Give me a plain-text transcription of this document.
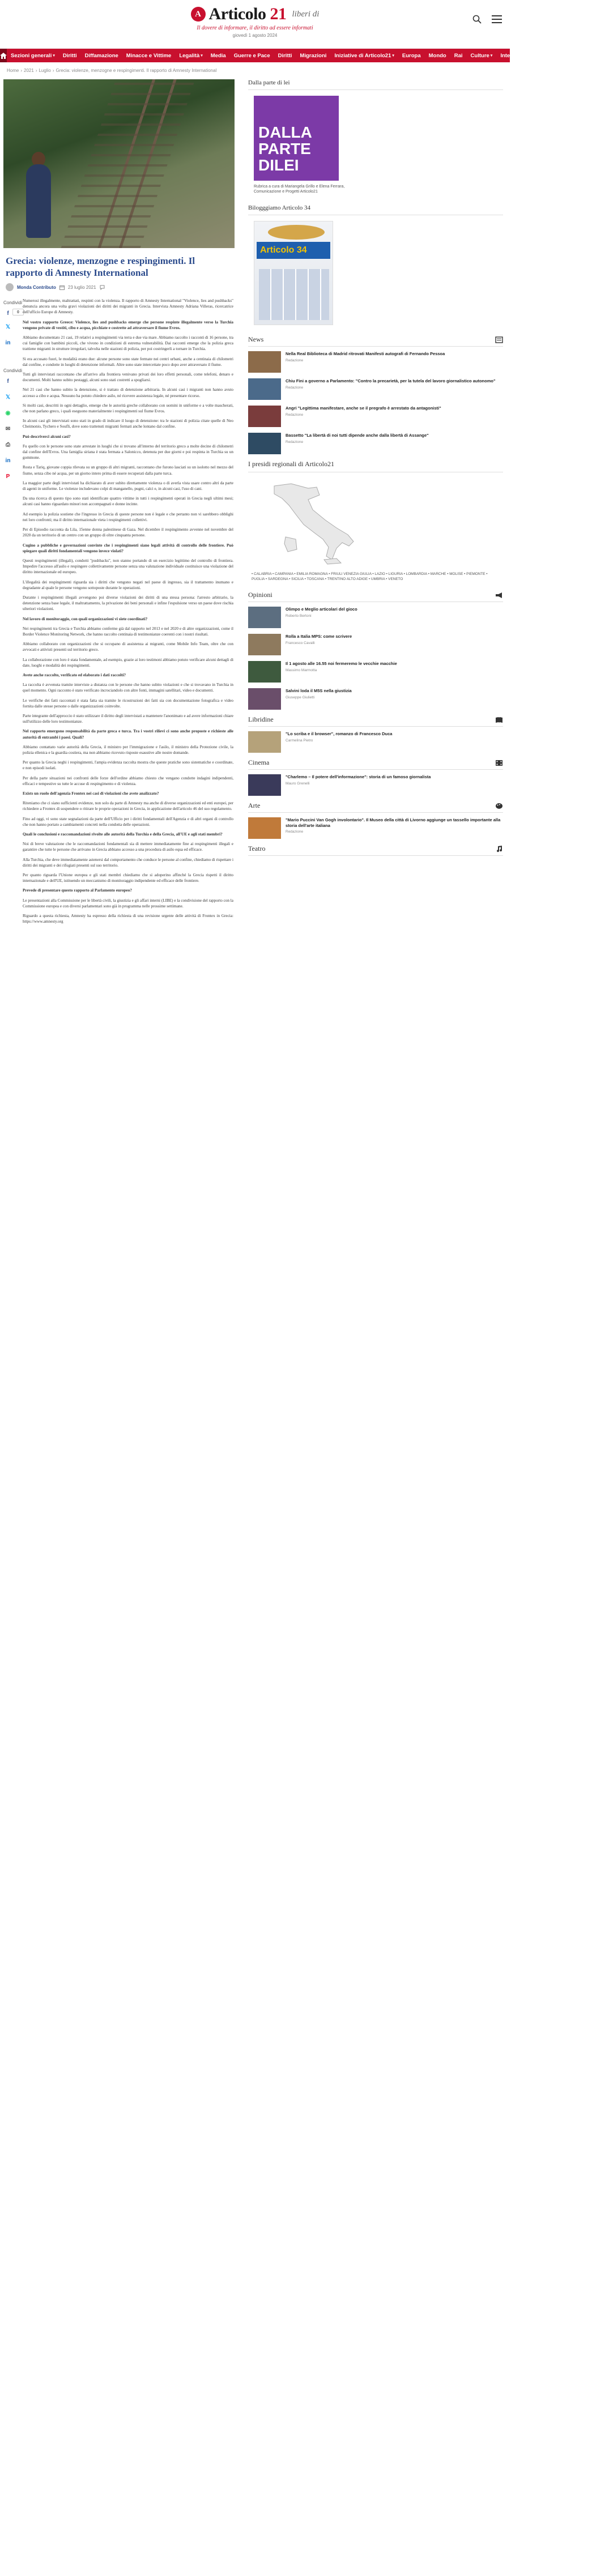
A Articolo 21 liberi di
Il dovere di informare, il diritto ad essere informati
giovedì 1 agosto 2024
Sezioni generali ▾ Diritti Diffamazione Minacce e Vittime Legalità ▾ Media Guerre e Pace Diritti Migrazioni Iniziative di Articolo21 ▾ Europa Mondo Rai Culture ▾ Interviste Video Twitter Facebook
Home › 2021 › Luglio › Grecia: violenze, menzogne e respingimenti. Il rapporto di Amnesty International
Grecia: violenze, menzogne e respingimenti. Il rapporto di Amnesty International
Monda Contributo	23 luglio 2021
Condividi
f	0
𝕏
in
Condividi
f
𝕏
◉
✉
⎙
in
P

Numerosi illegalmente, maltrattati, respinti con la violenza. Il rapporto di Amnesty International "Violence, lies and pushbacks" denuncia ancora una volta gravi violazioni dei diritti dei migranti in Grecia. Intervista Amnesty Adriana Villeras, ricercatrice dell'ufficio Europe di Amnesty.

Nel vostro rapporto Greece: Violence, lies and pushbacks emerge che persone respinte illegalmente verso la Turchia vengono private di vestiti, cibo e acqua, picchiate e costrette ad attraversare il fiume Evros.

Abbiamo documentato 21 casi, 19 relativi a respingimenti via terra e due via mare. Abbiamo raccolto i racconti di 16 persone, tra cui famiglie con bambini piccoli, che vivono in condizioni di estrema vulnerabilità. Dai racconti emerge che la polizia greca trattiene migranti in strutture irregolari, talvolta nelle stazioni di polizia, per poi costringerli a tornare in Turchia.

Si era accusato fuori, le modalità erano due: alcune persone sono state fermate nei centri urbani, anche a centinaia di chilometri dal confine, e condotte in luoghi di detenzione informali. Altre sono state intercettate poco dopo aver attraversato il fiume.

Tutti gli intervistati raccontano che all'arrivo alla frontiera venivano privati dei loro effetti personali, come telefoni, denaro e documenti. Molti hanno subito pestaggi, alcuni sono stati costretti a spogliarsi.

Nel 21 casi che hanno subito la detenzione, si è trattato di detenzione arbitraria. In alcuni casi i migranti non hanno avuto accesso a cibo e acqua. Nessuno ha potuto chiedere asilo, né ricevere assistenza legale, né presentare ricorso.

Si molti casi, descritti in ogni dettaglio, emerge che le autorità greche collaborano con uomini in uniforme e a volte mascherati, che non parlano greco, i quali eseguono materialmente i respingimenti sul fiume Evros.

In alcuni casi gli intervistati sono stati in grado di indicare il luogo di detenzione: tra le stazioni di polizia citate quelle di Neo Cheimonio, Tychero e Soufli, dove sono trattenuti migranti fermati anche lontano dal confine.

Può descriverci alcuni casi?

Fu quello con le persone sono state arrestate in luoghi che si trovano all'interno del territorio greco a molte decine di chilometri dal confine dell'Evros. Una famiglia siriana è stata fermata a Salonicco, detenuta per due giorni e poi respinta in Turchia su un gommone.

Rosta e Tariq, giovane coppia rilevata su un gruppo di altri migranti, raccontano che furono lasciati su un isolotto nel mezzo del fiume, senza cibo né acqua, per un giorno intero prima di essere recuperati dalla parte turca.

La maggior parte degli intervistati ha dichiarato di aver subito direttamente violenza o di averla vista usare contro altri da parte di agenti in uniforme. Le violenze includevano colpi di manganello, pugni, calci e, in alcuni casi, l'uso di cani.

Da una ricerca di questo tipo sono stati identificate quattro vittime in tutti i respingimenti operati in Grecia negli ultimi mesi; alcuni casi hanno riguardato minori non accompagnati e donne incinte.

Ad esempio la polizia sostiene che l'ingresso in Grecia di queste persone non è legale e che pertanto non vi sarebbero obblighi nei loro confronti; ma il diritto internazionale vieta i respingimenti collettivi.

Per di Episodio racconta da Lila, 15enne donna palestinese di Gaza. Nel dicembre il respingimento avvenne nel novembre del 2020 da un territorio di un centro con un gruppo di oltre cinquanta persone.

Cugino a pubbliche e governazioni convinte che i respingimenti siano legali attività di controllo delle frontiere. Può spiegare quali diritti fondamentali vengono invece violati?

Questi respingimenti (illegali), condotti "pushbacks", non stanno portando di un esercizio legittimo del controllo di frontiera. Impedire l'accesso all'asilo e respingere collettivamente persone senza una valutazione individuale costituisce una violazione del diritto internazionale ed europeo.

L'illegalità dei respingimenti riguarda sia i diritti che vengono negati nel paese di ingresso, sia il trattamento inumano e degradante al quale le persone vengono sottoposte durante le operazioni.

Durante i respingimenti illegali avvengono poi diverse violazioni dei diritti di una stessa persona: l'arresto arbitrario, la detenzione senza base legale, il maltrattamento, la privazione dei beni personali e infine l'espulsione verso un paese dove rischia ulteriori violazioni.

Nel lavoro di monitoraggio, con quali organizzazioni vi siete coordinati?

Nei respingimenti tra Grecia e Turchia abbiamo conferme già dal rapporto nel 2013 e nel 2020 e di altre organizzazioni, come il Border Violence Monitoring Network, che hanno raccolto centinaia di testimonianze coerenti con i nostri risultati.

Abbiamo collaborato con organizzazioni che si occupano di assistenza ai migranti, come Mobile Info Team, oltre che con avvocati e attivisti presenti sul territorio greco.

La collaborazione con loro è stata fondamentale, ad esempio, grazie ai loro testimoni abbiamo potuto verificare alcuni dettagli di date, luoghi e modalità dei respingimenti.

Avete anche raccolto, verificato ed elaborato i dati raccolti?

La raccolta è avvenuta tramite interviste a distanza con le persone che hanno subito violazioni e che si trovavano in Turchia in quel momento. Ogni racconto è stato verificato incrociandolo con altre fonti, immagini satellitari, video e documenti.

Le verifiche dei fatti raccontati è stata fatta sia tramite le ricostruzioni dei fatti sia con documentazione fotografica e video fornita dalle stesse persone o dalle organizzazioni coinvolte.

Parte integrante dell'approccio è stato utilizzare il diritto degli intervistati a mantenere l'anonimato e ad avere informazioni chiare sull'utilizzo delle loro testimonianze.

Nel rapporto emergono responsabilità da parte greca e turca. Tra i vostri rilievi ci sono anche proposte e richieste alle autorità di entrambi i paesi. Quali?

Abbiamo contattato varie autorità della Grecia, il ministro per l'immigrazione e l'asilo, il ministro della Protezione civile, la polizia ellenica e la guardia costiera, ma non abbiamo ricevuto risposte esaustive alle nostre domande.

Per quanto la Grecia neghi i respingimenti, l'ampia evidenza raccolta mostra che queste pratiche sono sistematiche e coordinate, e non episodi isolati.

Per della parte situazioni nei confronti delle forze dell'ordine abbiamo chiesto che vengano condotte indagini indipendenti, efficaci e tempestive su tutte le accuse di respingimento e di violenza.

Exists un ruolo dell'agenzia Frontex nei casi di violazioni che avete analizzato?

Riteniamo che ci siano sufficienti evidenze, non solo da parte di Amnesty ma anche di diverse organizzazioni ed enti europei, per richiedere a Frontex di sospendere o ritirare le proprie operazioni in Grecia, in applicazione dell'articolo 46 del suo regolamento.

Fino ad oggi, vi sono state segnalazioni da parte dell'Ufficio per i diritti fondamentali dell'Agenzia e di altri organi di controllo che non hanno portato a cambiamenti concreti nella condotta delle operazioni.

Quali le conclusioni e raccomandazioni rivolte alle autorità della Turchia e della Grecia, all'UE e agli stati membri?

Noi di breve valutazione che le raccomandazioni fondamentali sia di mettere immediatamente fine ai respingimenti illegali e garantire che tutte le persone che arrivano in Grecia abbiano accesso a una procedura di asilo equa ed efficace.

Alla Turchia, che deve immediatamente astenersi dal comportamento che conduce le persone al confine, chiediamo di rispettare i diritti dei migranti e dei rifugiati presenti sul suo territorio.

Per quanto riguarda l'Unione europea e gli stati membri chiediamo che si adoperino affinché la Grecia rispetti il diritto internazionale e dell'UE, istituendo un meccanismo di monitoraggio indipendente ed efficace delle frontiere.

Prevede di presentare questo rapporto al Parlamento europeo?

Le presentazioni alla Commissione per le libertà civili, la giustizia e gli affari interni (LIBE) e la condivisione del rapporto con la Commissione europea e con diversi parlamentari sono già in programma nelle prossime settimane.

Riguardo a questa richiesta, Amnesty ha espresso della richiesta di una revisione urgente delle attività di Frontex in Grecia: https://www.amnesty.org

Dalla parte di lei
DALLA PARTE DILEI
Rubrica a cura di Mariangela Grillo e Elena Ferrara, Comunicazione e Progetti Articolo21
Bilogggiamo Articolo 34
Articolo 34
News
Nella Real Biblioteca di Madrid ritrovati Manifesti autografi di Fernando Pessoa
Redazione
Chiu Fini a governo a Parlamento: "Contro la precarietà, per la tutela del lavoro giornalistico autonomo"
Redazione
Angri "Legittima manifestare, anche se il pregrafo è arrestato da antagonisti"
Redazione
Bassetto "La libertà di noi tutti dipende anche dalla libertà di Assange"
Redazione
I presidi regionali di Articolo21
• CALABRIA • CAMPANIA • EMILIA ROMAGNA • FRIULI VENEZIA GIULIA • LAZIO • LIGURIA • LOMBARDIA • MARCHE • MOLISE • PIEMONTE • PUGLIA • SARDEGNA • SICILIA • TOSCANA • TRENTINO ALTO ADIGE • UMBRIA • VENETO
Opinioni
Olimpo e Meglio articolari del gioco
Roberto Bertoni
Rolla a Italia MPS: come scrivere
Francesco Cavalli
Il 1 agosto alle 16.55 noi fermeremo le vecchie macchie
Massimo Marmotta
Salvini loda il M5S nella giustizia
Giuseppe Giulietti
Libridine
"Lo scriba e il browser", romanzo di Francesco Duca
Carmelina Pietro
Cinema
"Charlemo – Il potere dell'informazione": storia di un famoso giornalista
Mauro Grenelli
Arte
"Mario Puccini Van Gogh involontario". Il Museo della città di Livorno aggiunge un tassello importante alla storia dell'arte italiana
Redazione
Teatro
